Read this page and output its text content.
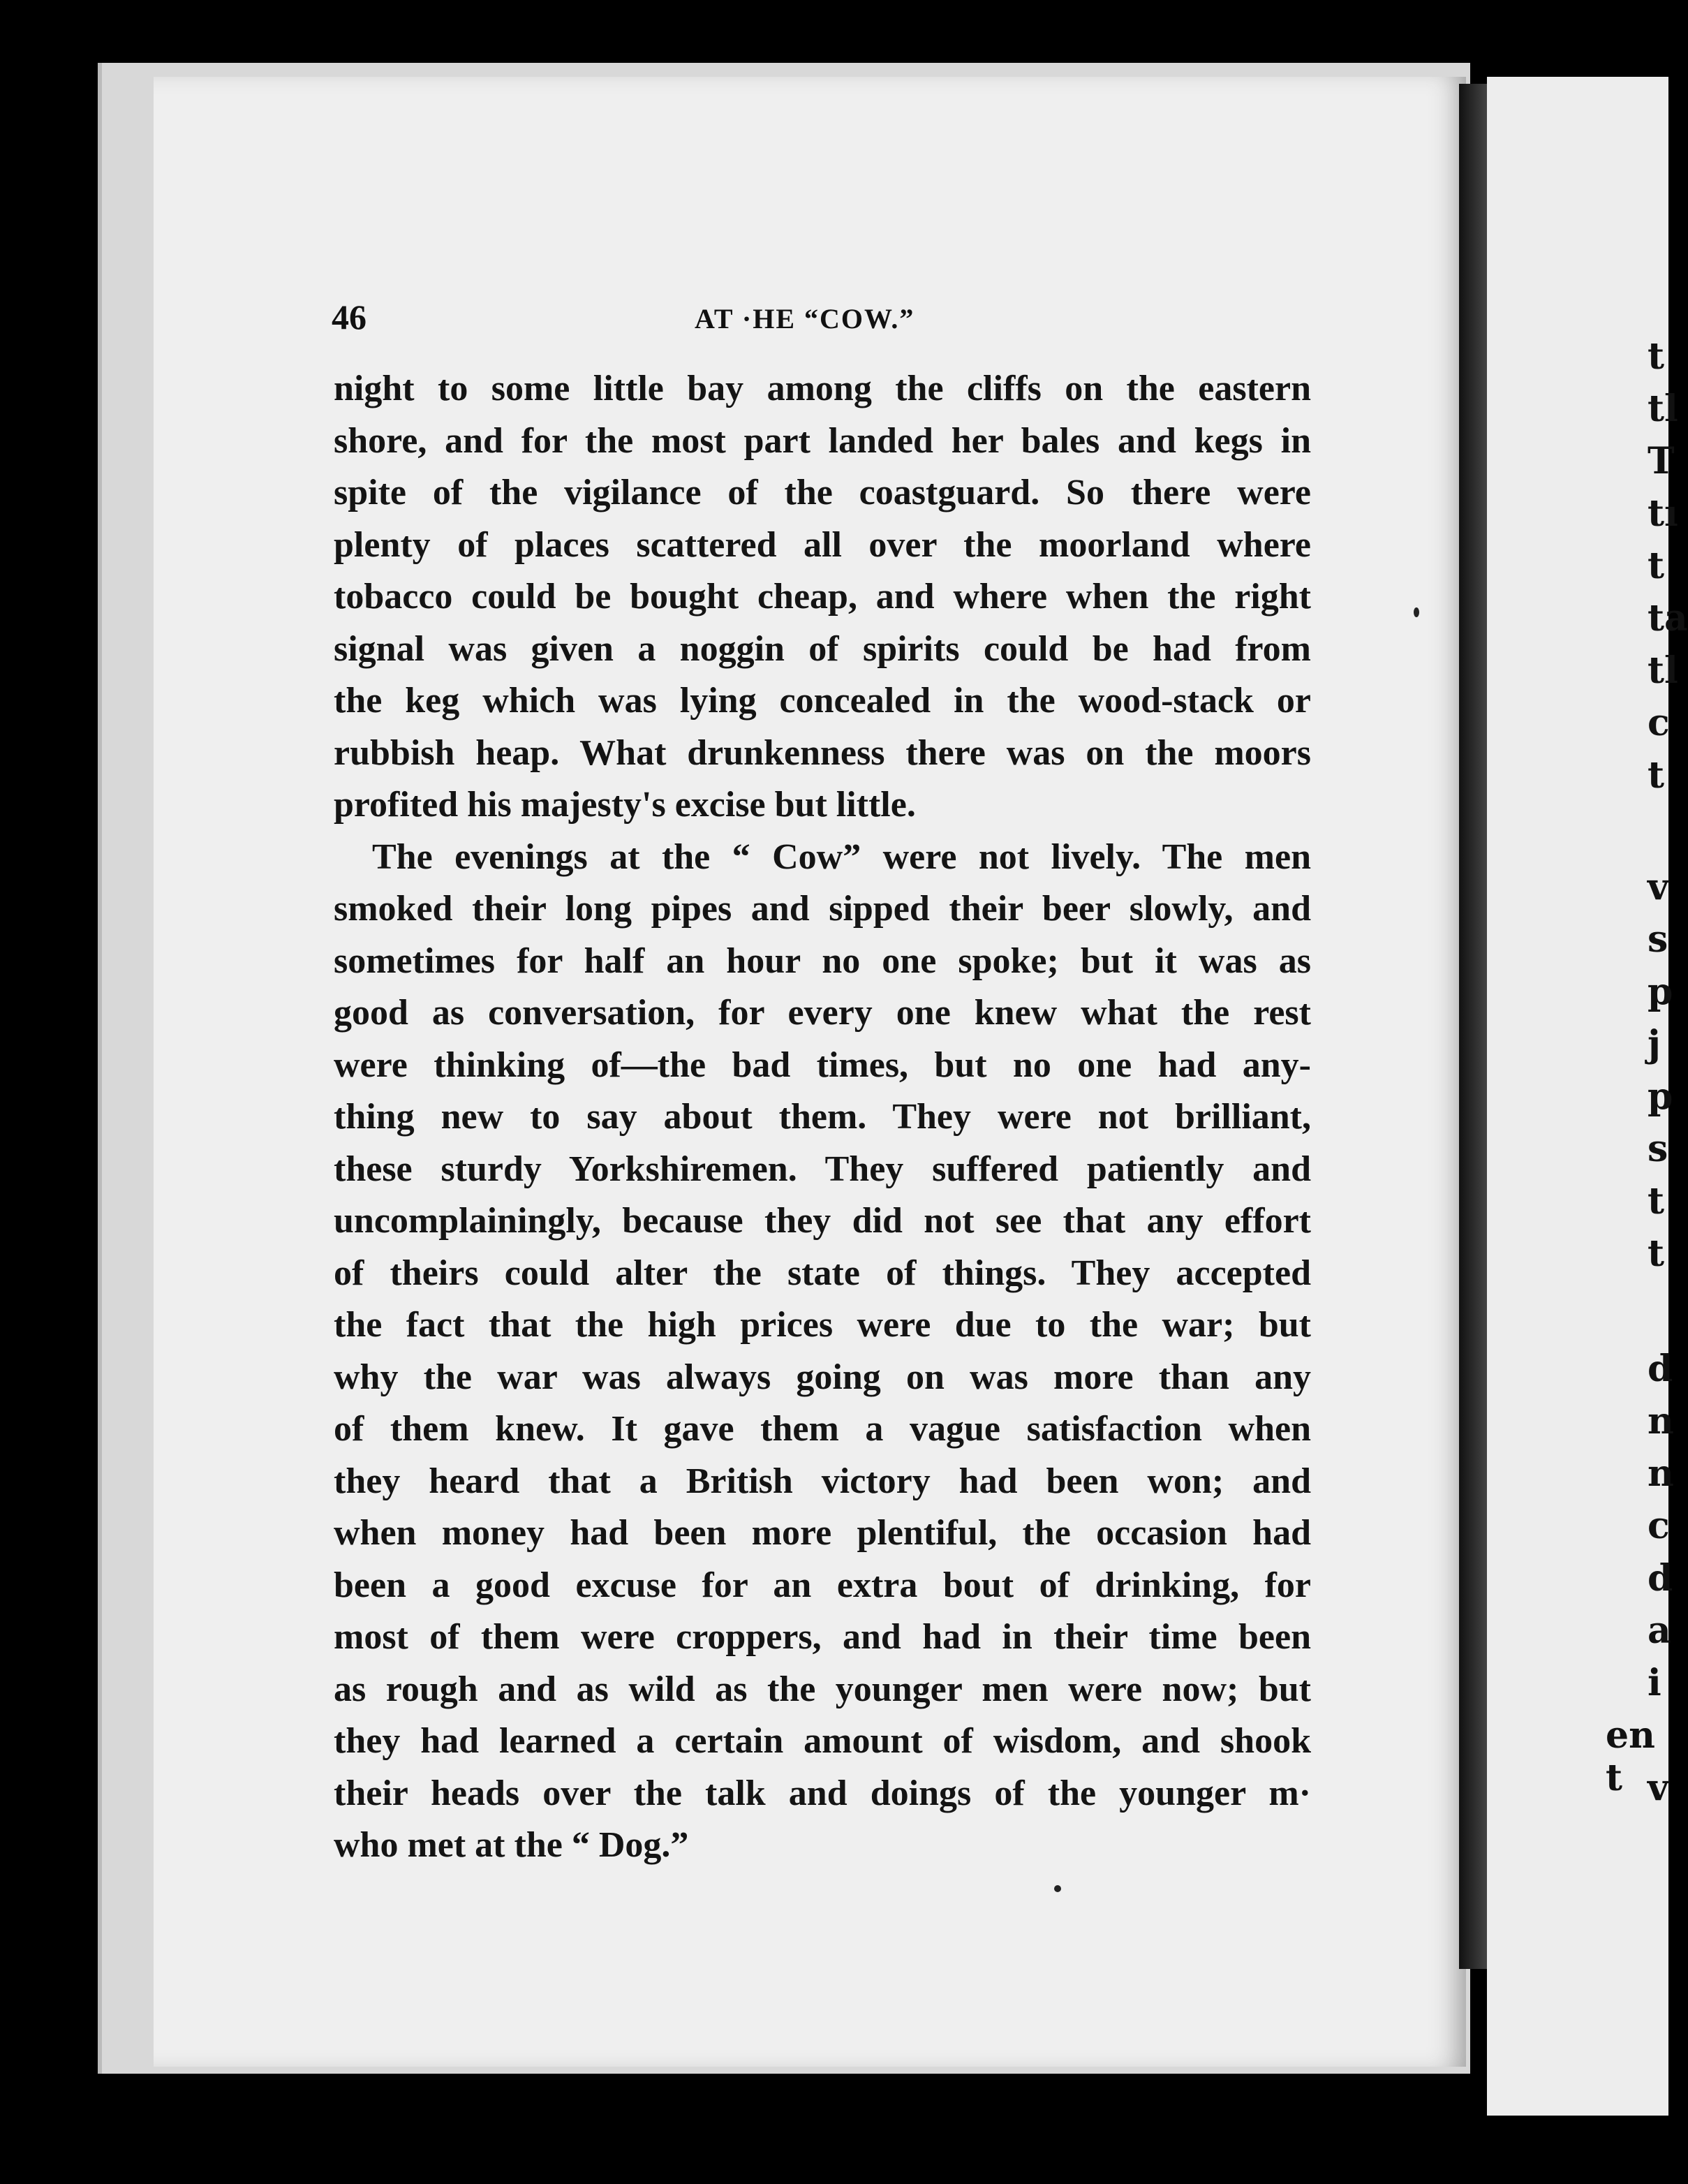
t
tl
T
tı
t
ta
tl
c
t
v
s
p
j
p
s
t
t
d
n
n
c
d
a
i
en t v
46	AT ·HE “COW.”
night to some little bay among the cliffs on the eastern
shore, and for the most part landed her bales and kegs in
spite of the vigilance of the coastguard. So there were
plenty of places scattered all over the moorland where
tobacco could be bought cheap, and where when the right
signal was given a noggin of spirits could be had from
the keg which was lying concealed in the wood-stack or
rubbish heap. What drunkenness there was on the moors
profited his majesty's excise but little.
The evenings at the “ Cow” were not lively. The men
smoked their long pipes and sipped their beer slowly, and
sometimes for half an hour no one spoke; but it was as
good as conversation, for every one knew what the rest
were thinking of—the bad times, but no one had any-
thing new to say about them. They were not brilliant,
these sturdy Yorkshiremen. They suffered patiently and
uncomplainingly, because they did not see that any effort
of theirs could alter the state of things. They accepted
the fact that the high prices were due to the war; but
why the war was always going on was more than any
of them knew. It gave them a vague satisfaction when
they heard that a British victory had been won; and
when money had been more plentiful, the occasion had
been a good excuse for an extra bout of drinking, for
most of them were croppers, and had in their time been
as rough and as wild as the younger men were now; but
they had learned a certain amount of wisdom, and shook
their heads over the talk and doings of the younger m·
who met at the “ Dog.”
